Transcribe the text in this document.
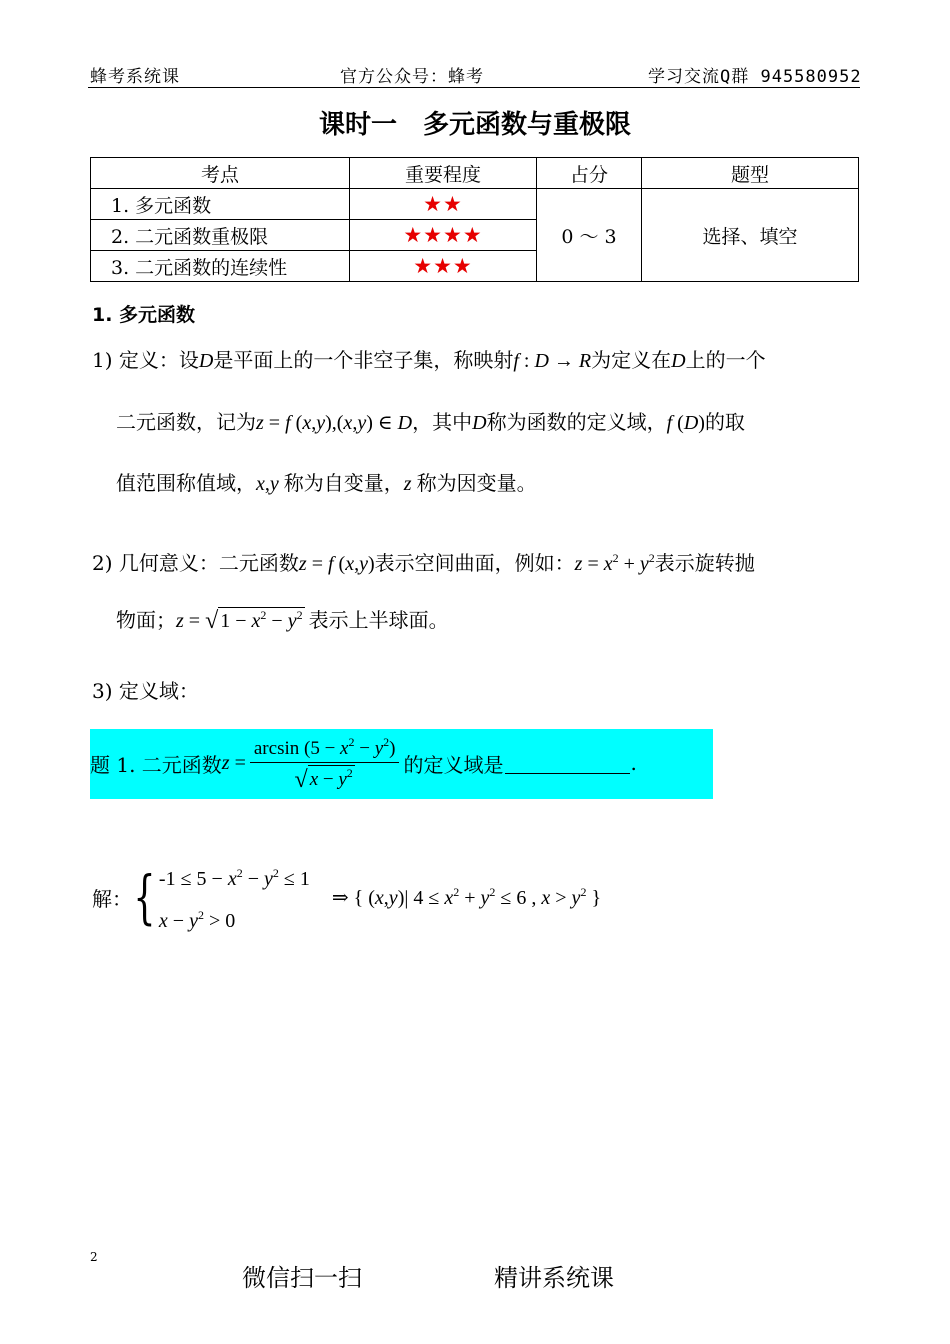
蜂考系统课	官方公众号：蜂考	学习交流Q群 945580952
课时一　多元函数与重极限
考点	重要程度	占分	题型
1. 多元函数	★★	0 ～ 3	选择、填空
2. 二元函数重极限	★★★★		
3. 二元函数的连续性	★★★		
1. 多元函数
1) 定义：设D是平面上的一个非空子集，称映射f : D → R为定义在D上的一个
二元函数，记为z = f (x,y),(x,y) ∈ D，其中D称为函数的定义域，f (D)的取
值范围称值域，x,y 称为自变量，z 称为因变量。
2) 几何意义：二元函数z = f (x,y)表示空间曲面，例如：$z = x^2 + y^2$表示旋转抛
物面； z = √ $1 - x^2 - y^2$ 表示上半球面。
3) 定义域：
题 1. 二元函数 $z = \frac{\arcsin (5 - x^2 - y^2)}{√ x - y^2}$ 的定义域是	.
解： { $-1 \le 5 - x^2 - y^2 \le 1$
$x - y^2 > 0$
⇒ { (x,y)| $4 \le x^2 + y^2 \le 6$ , $x > y^2$ }
2
微信扫一扫	精讲系统课
